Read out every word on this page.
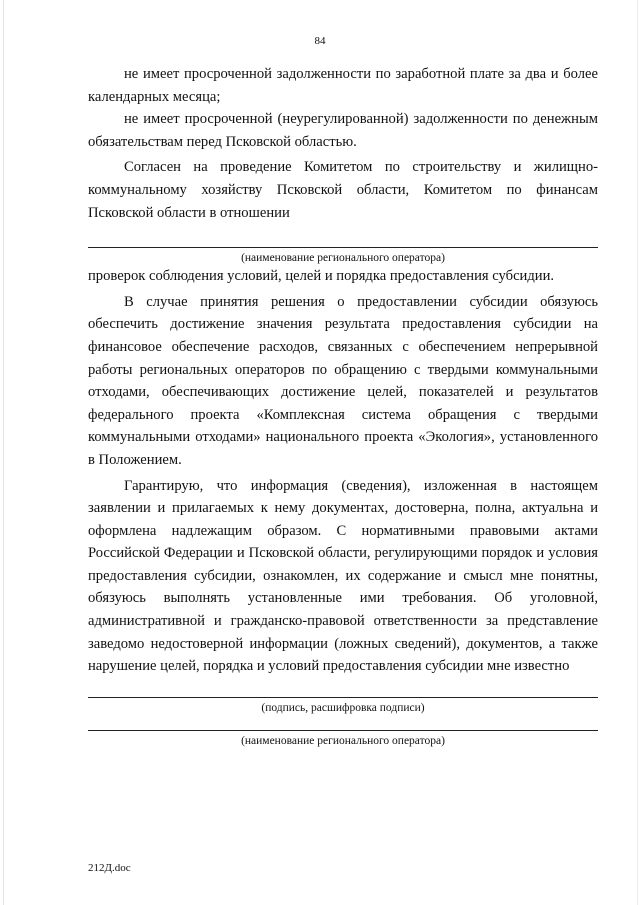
84

не имеет просроченной задолженности по заработной плате за два и более календарных месяца;

не имеет просроченной (неурегулированной) задолженности по денежным обязательствам перед Псковской областью.

Согласен на проведение Комитетом по строительству и жилищно-коммунальному хозяйству Псковской области, Комитетом по финансам Псковской области в отношении

(наименование регионального оператора)

проверок соблюдения условий, целей и порядка предоставления субсидии.

В случае принятия решения о предоставлении субсидии обязуюсь обеспечить достижение значения результата предоставления субсидии на финансовое обеспечение расходов, связанных с обеспечением непрерывной работы региональных операторов по обращению с твердыми коммунальными отходами, обеспечивающих достижение целей, показателей и результатов федерального проекта «Комплексная система обращения с твердыми коммунальными отходами» национального проекта «Экология», установленного в Положением.

Гарантирую, что информация (сведения), изложенная в настоящем заявлении и прилагаемых к нему документах, достоверна, полна, актуальна и оформлена надлежащим образом. С нормативными правовыми актами Российской Федерации и Псковской области, регулирующими порядок и условия предоставления субсидии, ознакомлен, их содержание и смысл мне понятны, обязуюсь выполнять установленные ими требования. Об уголовной, административной и гражданско-правовой ответственности за представление заведомо недостоверной информации (ложных сведений), документов, а также нарушение целей, порядка и условий предоставления субсидии мне известно

(подпись, расшифровка подписи)
(наименование регионального оператора)
212Д.doc
